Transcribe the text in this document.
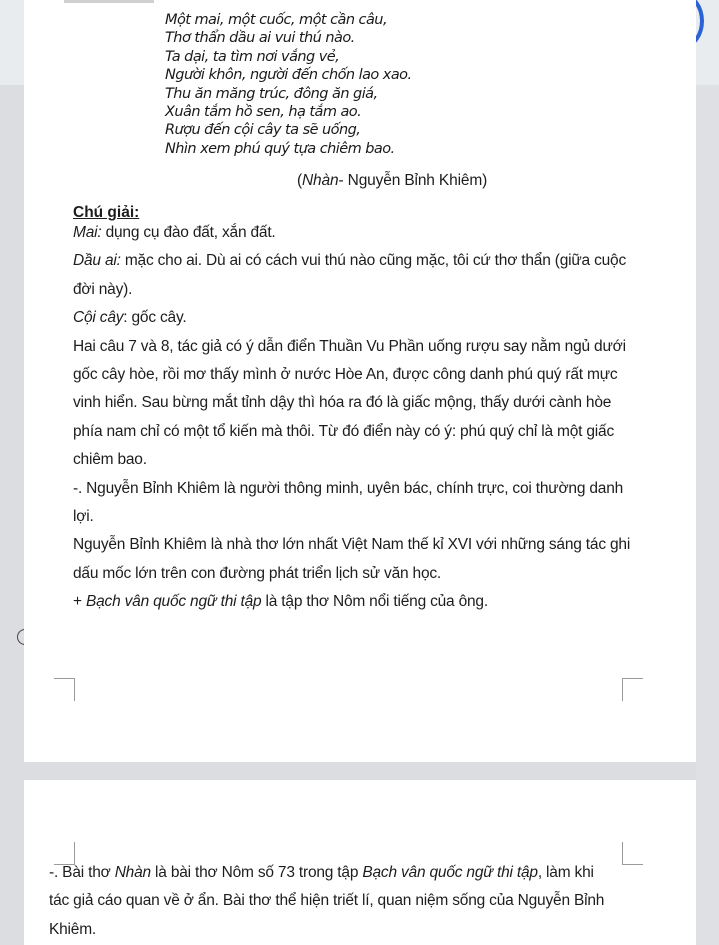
Một mai, một cuốc, một cần câu,
Thơ thẩn dầu ai vui thú nào.
Ta dại, ta tìm nơi vắng vẻ,
Người khôn, người đến chốn lao xao.
Thu ăn măng trúc, đông ăn giá,
Xuân tắm hồ sen, hạ tắm ao.
Rượu đến cội cây ta sẽ uống,
Nhìn xem phú quý tựa chiêm bao.
(Nhàn- Nguyễn Bỉnh Khiêm)
Chú giải:

Mai: dụng cụ đào đất, xắn đất.

Dầu ai: mặc cho ai. Dù ai có cách vui thú nào cũng mặc, tôi cứ thơ thẩn (giữa cuộc đời này).

Cội cây: gốc cây.

Hai câu 7 và 8, tác giả có ý dẫn điển Thuần Vu Phần uống rượu say nằm ngủ dưới gốc cây hòe, rồi mơ thấy mình ở nước Hòe An, được công danh phú quý rất mực vinh hiển. Sau bừng mắt tỉnh dậy thì hóa ra đó là giấc mộng, thấy dưới cành hòe phía nam chỉ có một tổ kiến mà thôi. Từ đó điển này có ý: phú quý chỉ là một giấc chiêm bao.

-. Nguyễn Bỉnh Khiêm là người thông minh, uyên bác, chính trực, coi thường danh lợi.

Nguyễn Bỉnh Khiêm là nhà thơ lớn nhất Việt Nam thế kỉ XVI với những sáng tác ghi dấu mốc lớn trên con đường phát triển lịch sử văn học.

+ Bạch vân quốc ngữ thi tập là tập thơ Nôm nổi tiếng của ông.

-. Bài thơ Nhàn là bài thơ Nôm số 73 trong tập Bạch vân quốc ngữ thi tập, làm khi tác giả cáo quan về ở ẩn. Bài thơ thể hiện triết lí, quan niệm sống của Nguyễn Bỉnh Khiêm.
